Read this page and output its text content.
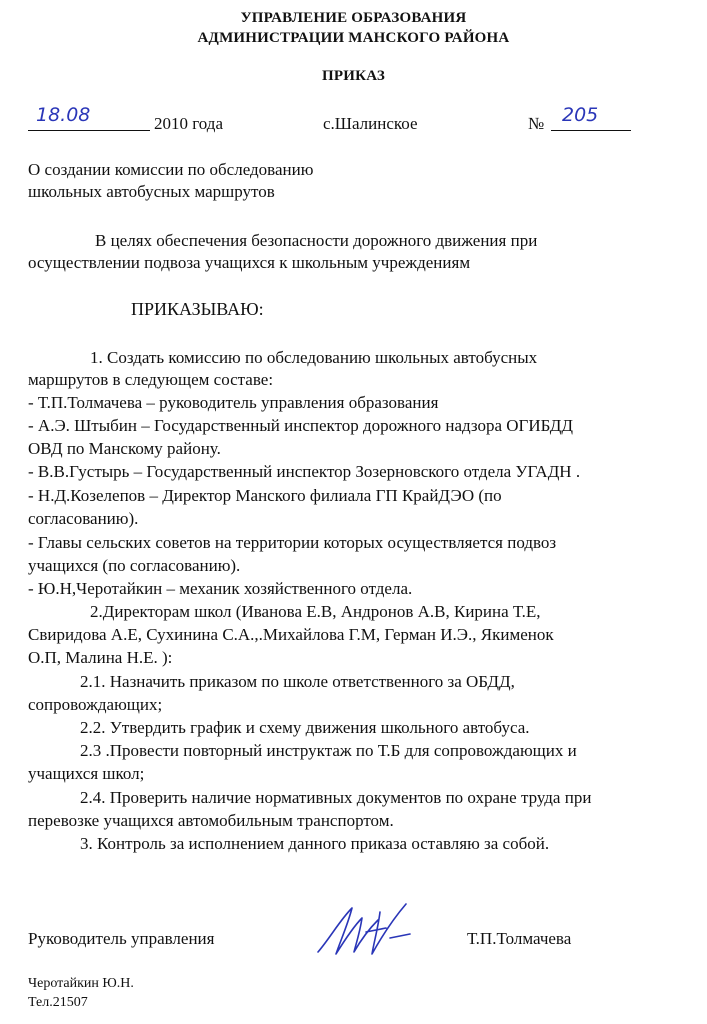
УПРАВЛЕНИЕ ОБРАЗОВАНИЯ
АДМИНИСТРАЦИИ МАНСКОГО РАЙОНА
ПРИКАЗ
18.08	2010 года	с.Шалинское	№ 205
О создании комиссии по обследованию
школьных автобусных маршрутов
В целях обеспечения безопасности дорожного движения при
осуществлении подвоза учащихся к школьным учреждениям
ПРИКАЗЫВАЮ:
1. Создать комиссию по обследованию школьных автобусных
маршрутов в следующем составе:
- Т.П.Толмачева – руководитель управления образования
- А.Э. Штыбин – Государственный инспектор дорожного надзора ОГИБДД
ОВД по Манскому району.
- В.В.Густырь – Государственный инспектор Зозерновского отдела УГАДН .
- Н.Д.Козелепов – Директор Манского филиала ГП КрайДЭО (по
согласованию).
- Главы сельских советов на территории которых осуществляется подвоз
учащихся (по согласованию).
- Ю.Н,Черотайкин – механик хозяйственного отдела.
2.Директорам школ (Иванова Е.В, Андронов А.В, Кирина Т.Е,
Свиридова А.Е, Сухинина С.А.,.Михайлова Г.М, Герман И.Э., Якименок
О.П, Малина Н.Е. ):
2.1. Назначить приказом по школе ответственного за ОБДД,
сопровождающих;
2.2. Утвердить график и схему движения школьного автобуса.
2.3 .Провести повторный инструктаж по Т.Б для сопровождающих и
учащихся школ;
2.4. Проверить наличие нормативных документов по охране труда при
перевозке учащихся автомобильным транспортом.
3. Контроль за исполнением данного приказа оставляю за собой.
Руководитель управления	Т.П.Толмачева
Черотайкин Ю.Н.
Тел.21507
